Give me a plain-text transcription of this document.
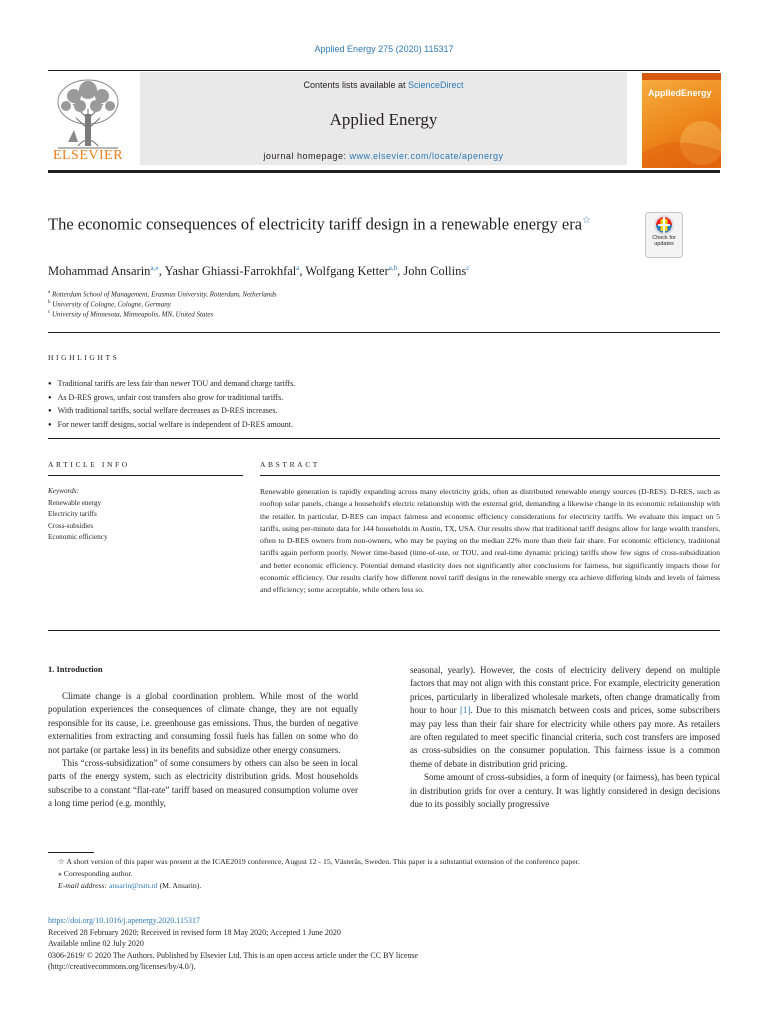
Applied Energy 275 (2020) 115317
ELSEVIER
Contents lists available at ScienceDirect
Applied Energy
journal homepage: www.elsevier.com/locate/apenergy
AppliedEnergy
The economic consequences of electricity tariff design in a renewable energy era☆
Check for updates
Mohammad Ansarin$^{a,⁎}$, Yashar Ghiassi-Farrokhfal$^a$, Wolfgang Ketter$^{a,b}$, John Collins$^c$
$^a$ Rotterdam School of Management, Erasmus University, Rotterdam, Netherlands
$^b$ University of Cologne, Cologne, Germany
$^c$ University of Minnesota, Minneapolis, MN, United States
HIGHLIGHTS
● Traditional tariffs are less fair than newer TOU and demand charge tariffs.
● As D-RES grows, unfair cost transfers also grow for traditional tariffs.
● With traditional tariffs, social welfare decreases as D-RES increases.
● For newer tariff designs, social welfare is independent of D-RES amount.
ARTICLE INFO	ABSTRACT
Keywords:
Renewable energy
Electricity tariffs
Cross-subsidies
Economic efficiency

Renewable generation is rapidly expanding across many electricity grids, often as distributed renewable energy sources (D-RES). D-RES, such as rooftop solar panels, change a household's electric relationship with the external grid, demanding a likewise change in its economic relationship with the retailer. In particular, D-RES can impact fairness and economic efficiency considerations for electricity tariffs. We evaluate this impact on 5 tariffs, using per-minute data for 144 households in Austin, TX, USA. Our results show that traditional tariff designs allow for large wealth transfers, often to D-RES owners from non-owners, who may be paying on the median 22% more than their fair share. For economic efficiency, traditional tariffs again perform poorly. Newer time-based (time-of-use, or TOU, and real-time dynamic pricing) tariffs show few signs of cross-subsidization and better economic efficiency. Potential demand elasticity does not significantly alter conclusions for fairness, but significantly impacts those for economic efficiency. Our results clarify how different novel tariff designs in the renewable energy era achieve differing kinds and levels of fairness and efficiency; some acceptable, while others less so.

1. Introduction

Climate change is a global coordination problem. While most of the world population experiences the consequences of climate change, they are not equally responsible for its cause, i.e. greenhouse gas emissions. Thus, the burden of negative externalities from extracting and consuming fossil fuels has fallen on some who do not partake (or partake less) in its benefits and subsidize other energy consumers.

This “cross-subsidization” of some consumers by others can also be seen in local parts of the energy system, such as electricity distribution grids. Most households subscribe to a constant “flat-rate” tariff based on measured consumption volume over a long time period (e.g. monthly,

seasonal, yearly). However, the costs of electricity delivery depend on multiple factors that may not align with this constant price. For example, electricity generation prices, particularly in liberalized wholesale markets, often change dramatically from hour to hour [1]. Due to this mismatch between costs and prices, some subscribers may pay less than their fair share for electricity while others pay more. As retailers are often regulated to meet specific financial criteria, such cost transfers are imposed as cross-subsidies on the consumer population. This fairness issue is a common theme of debate in distribution grid pricing.

Some amount of cross-subsidies, a form of inequity (or fairness), has been typical in distribution grids for over a century. It was lightly considered in design decisions due to its possibly socially progressive

☆ A short version of this paper was present at the ICAE2019 conference, August 12 - 15, Västerås, Sweden. This paper is a substantial extension of the conference paper.
⁎ Corresponding author.
E-mail address: ansarin@rsm.nl (M. Ansarin).
https://doi.org/10.1016/j.apenergy.2020.115317
Received 28 February 2020; Received in revised form 18 May 2020; Accepted 1 June 2020
Available online 02 July 2020
0306-2619/ © 2020 The Authors. Published by Elsevier Ltd. This is an open access article under the CC BY license
(http://creativecommons.org/licenses/by/4.0/).
